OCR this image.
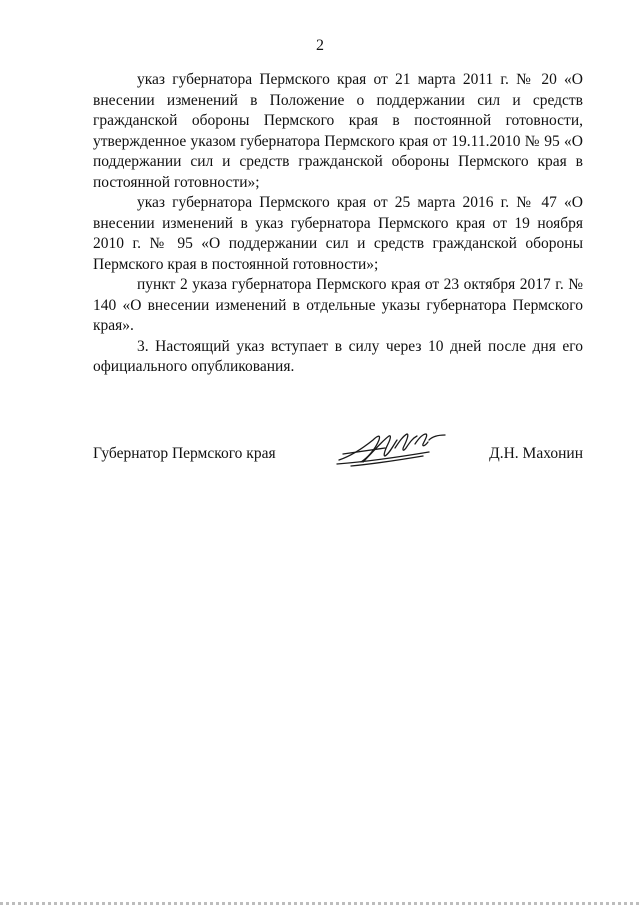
2

указ губернатора Пермского края от 21 марта 2011 г. № 20 «О внесении изменений в Положение о поддержании сил и средств гражданской обороны Пермского края в постоянной готовности, утвержденное указом губернатора Пермского края от 19.11.2010 № 95 «О поддержании сил и средств гражданской обороны Пермского края в постоянной готовности»;

указ губернатора Пермского края от 25 марта 2016 г. № 47 «О внесении изменений в указ губернатора Пермского края от 19 ноября 2010 г. № 95 «О поддержании сил и средств гражданской обороны Пермского края в постоянной готовности»;

пункт 2 указа губернатора Пермского края от 23 октября 2017 г. № 140 «О внесении изменений в отдельные указы губернатора Пермского края».

3. Настоящий указ вступает в силу через 10 дней после дня его официального опубликования.

Губернатор Пермского края	Д.Н. Махонин
